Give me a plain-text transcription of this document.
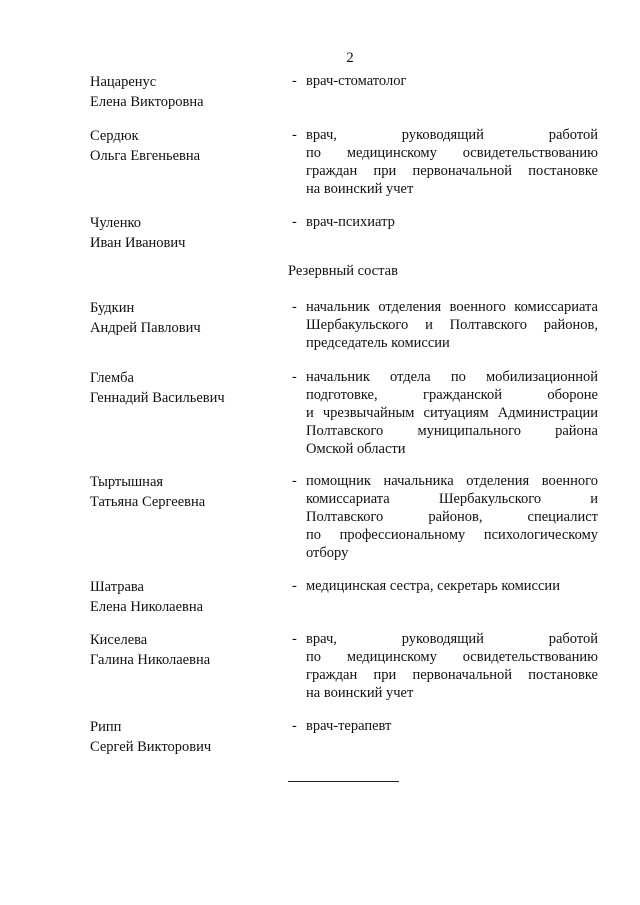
2
Нацаренус
Елена Викторовна
- врач-стоматолог
Сердюк
Ольга Евгеньевна
- врач, руководящий работой
по медицинскому освидетельствованию
граждан при первоначальной постановке
на воинский учет
Чуленко
Иван Иванович
- врач-психиатр
Резервный состав
Будкин
Андрей Павлович
- начальник отделения военного комиссариата
Шербакульского и Полтавского районов,
председатель комиссии
Глемба
Геннадий Васильевич
- начальник отдела по мобилизационной
подготовке, гражданской обороне
и чрезвычайным ситуациям Администрации
Полтавского муниципального района
Омской области
Тыртышная
Татьяна Сергеевна
- помощник начальника отделения военного
комиссариата Шербакульского и
Полтавского районов, специалист
по профессиональному психологическому
отбору
Шатрава
Елена Николаевна
- медицинская сестра, секретарь комиссии
Киселева
Галина Николаевна
- врач, руководящий работой
по медицинскому освидетельствованию
граждан при первоначальной постановке
на воинский учет
Рипп
Сергей Викторович
- врач-терапевт
